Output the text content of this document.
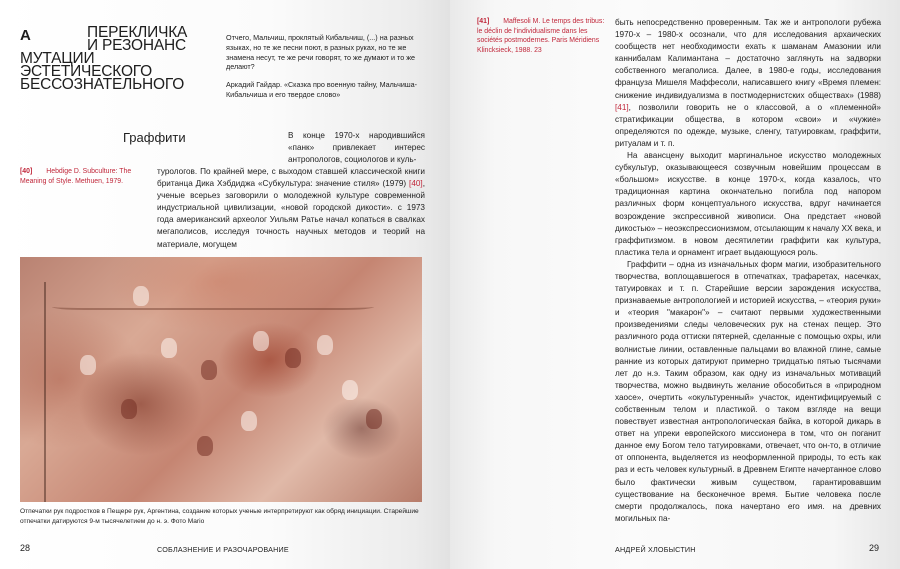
A	ПЕРЕКЛИЧКА
И РЕЗОНАНС
МУТАЦИИ ЭСТЕТИЧЕСКОГО
БЕССОЗНАТЕЛЬНОГО

Отчего, Мальчиш, проклятый Кибальчиш, (...) на разных языках, но те же песни поют, в разных руках, но те же знамена несут, те же речи говорят, то же думают и то же делают?

Аркадий Гайдар. «Сказка про военную тайну, Мальчиша-Кибальчиша и его твердое слово»

Граффити
[40] Hebdige D. Subculture: The Meaning of Style. Methuen, 1979.
В конце 1970-х народившийся «панк» привлекает интерес антропологов, социологов и куль-
турологов. По крайней мере, с выходом ставшей классической книги британца Дика Хэбдиджа «Субкультура: значение стиля» (1979) [40], ученые всерьез заговорили о молодежной культуре современной индустриальной цивилизации, «новой городской дикости». с 1973 года американский археолог Уильям Ратье начал копаться в свалках мегаполисов, исследуя точность научных методов и теорий на материале, могущем
Отпечатки рук подростков в Пещере рук, Аргентина, создание которых ученые интерпретируют как обряд инициации. Старейшие отпечатки датируются 9-м тысячелетием до н. э. Фото Mario
28	СОБЛАЗНЕНИЕ И РАЗОЧАРОВАНИЕ
[41] Maffesoli M. Le temps des tribus: le déclin de l'individualisme dans les sociétés postmodernes. Paris Méridiens Klincksieck, 1988. 23

быть непосредственно проверенным. Так же и антропологи рубежа 1970-х – 1980-х осознали, что для исследования архаических сообществ нет необходимости ехать к шаманам Амазонии или каннибалам Калимантана – достаточно заглянуть на задворки собственного мегаполиса. Далее, в 1980-е годы, исследования француза Мишеля Маффесоли, написавшего книгу «Время племен: снижение индивидуализма в постмодернистских обществах» (1988) [41], позволили говорить не о классовой, а о «племенной» стратификации общества, в котором «свои» и «чужие» определяются по одежде, музыке, сленгу, татуировкам, граффити, ритуалам и т. п.

На авансцену выходит маргинальное искусство молодежных субкультур, оказывающееся созвучным новейшим процессам в «большом» искусстве. в конце 1970-х, когда казалось, что традиционная картина окончательно погибла под напором различных форм концептуального искусства, вдруг начинается возрождение экспрессивной живописи. Она предстает «новой дикостью» – неоэкспрессионизмом, отсылающим к началу XX века, и граффитизмом. в новом десятилетии граффити как культура, пластика тела и орнамент играет выдающуюся роль.

Граффити – одна из изначальных форм магии, изобразительного творчества, воплощавшегося в отпечатках, трафаретах, насечках, татуировках и т. п. Старейшие версии зарождения искусства, признаваемые антропологией и историей искусства, – «теория руки» и «теория "макарон"» – считают первыми художественными произведениями следы человеческих рук на стенах пещер. Это различного рода оттиски пятерней, сделанные с помощью охры, или волнистые линии, оставленные пальцами во влажной глине, самые ранние из которых датируют примерно тридцатью пятью тысячами лет до н.э. Таким образом, как одну из изначальных мотиваций творчества, можно выдвинуть желание обособиться в «природном хаосе», очертить «окультуренный» участок, идентифицируемый с собственным телом и пластикой. о таком взгляде на вещи повествует известная антропологическая байка, в которой дикарь в ответ на упреки европейского миссионера в том, что он поганит данное ему Богом тело татуировками, отвечает, что он-то, в отличие от оппонента, выделяется из неоформленной природы, то есть как раз и есть человек культурный. в Древнем Египте начертанное слово было фактически живым существом, гарантировавшим существование на бесконечное время. Бытие человека после смерти продолжалось, пока начертано его имя. на древних могильных па-

АНДРЕЙ ХЛОБЫСТИН	29
